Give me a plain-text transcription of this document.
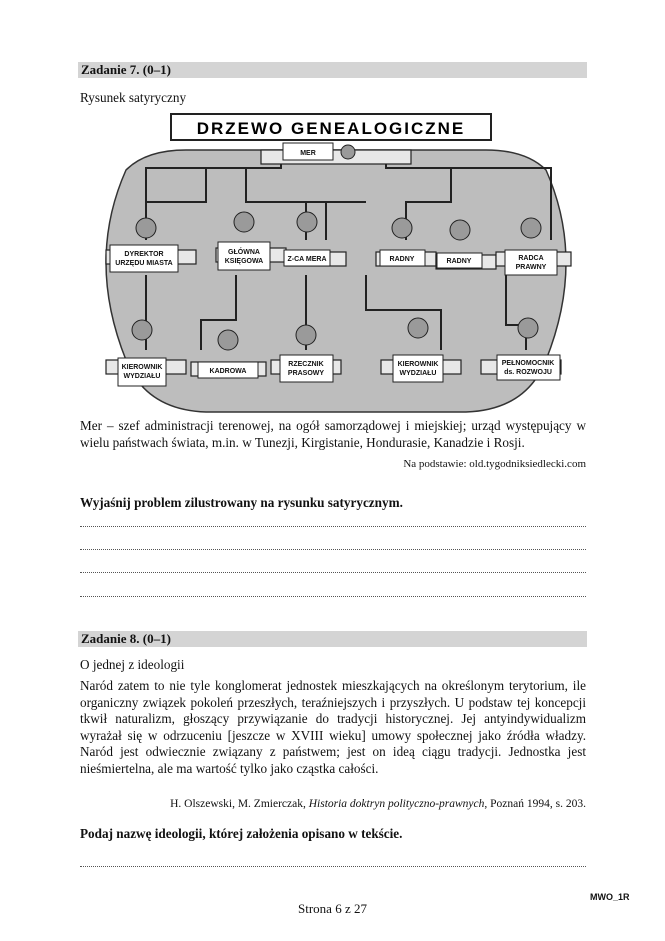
Zadanie 7. (0–1)
Rysunek satyryczny
DRZEWO GENEALOGICZNE
MER
DYREKTOR
URZĘDU MIASTA
GŁÓWNA
KSIĘGOWA	Z-CA MERA	RADNY	RADNY	RADCA
PRAWNY
KIEROWNIK
WYDZIAŁU
KADROWA
RZECZNIK
PRASOWY
KIEROWNIK
WYDZIAŁU
PEŁNOMOCNIK
ds. ROZWOJU
Mer – szef administracji terenowej, na ogół samorządowej i miejskiej; urząd występujący w wielu państwach świata, m.in. w Tunezji, Kirgistanie, Hondurasie, Kanadzie i Rosji.
Na podstawie: old.tygodniksiedlecki.com
Wyjaśnij problem zilustrowany na rysunku satyrycznym.
Zadanie 8. (0–1)
O jednej z ideologii
Naród zatem to nie tyle konglomerat jednostek mieszkających na określonym terytorium, ile organiczny związek pokoleń przeszłych, teraźniejszych i przyszłych. U podstaw tej koncepcji tkwił naturalizm, głoszący przywiązanie do tradycji historycznej. Jej antyindywidualizm wyrażał się w odrzuceniu [jeszcze w XVIII wieku] umowy społecznej jako źródła władzy. Naród jest odwiecznie związany z państwem; jest on ideą ciągu tradycji. Jednostka jest nieśmiertelna, ale ma wartość tylko jako cząstka całości.
H. Olszewski, M. Zmierczak, Historia doktryn polityczno-prawnych, Poznań 1994, s. 203.
Podaj nazwę ideologii, której założenia opisano w tekście.
Strona 6 z 27
MWO_1R
